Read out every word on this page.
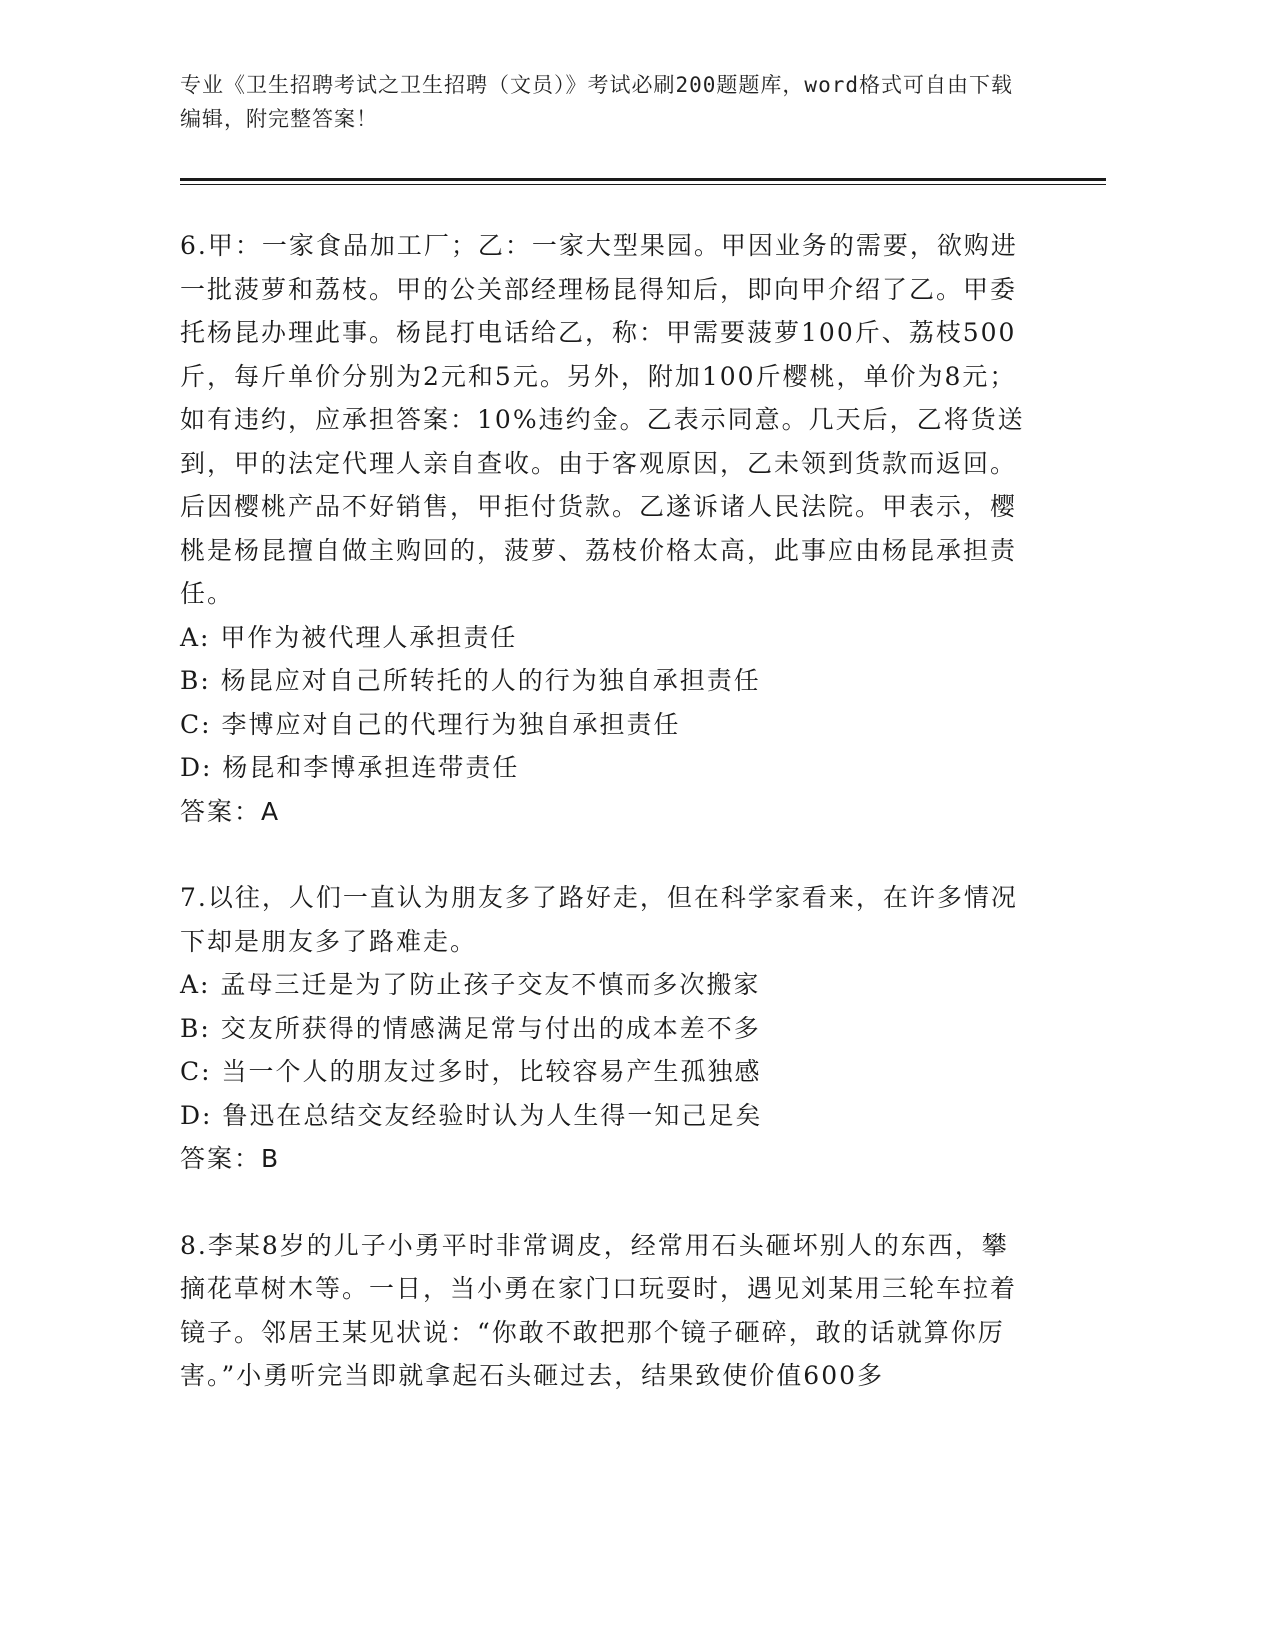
专业《卫生招聘考试之卫生招聘（文员）》考试必刷200题题库，word格式可自由下载编辑，附完整答案！

6.甲：一家食品加工厂；乙：一家大型果园。甲因业务的需要，欲购进一批菠萝和荔枝。甲的公关部经理杨昆得知后，即向甲介绍了乙。甲委托杨昆办理此事。杨昆打电话给乙，称：甲需要菠萝100斤、荔枝500斤，每斤单价分别为2元和5元。另外，附加100斤樱桃，单价为8元；如有违约，应承担答案：10%违约金。乙表示同意。几天后，乙将货送到，甲的法定代理人亲自查收。由于客观原因，乙未领到货款而返回。后因樱桃产品不好销售，甲拒付货款。乙遂诉诸人民法院。甲表示，樱桃是杨昆擅自做主购回的，菠萝、荔枝价格太高，此事应由杨昆承担责任。

A: 甲作为被代理人承担责任

B: 杨昆应对自己所转托的人的行为独自承担责任

C: 李博应对自己的代理行为独自承担责任

D: 杨昆和李博承担连带责任

答案：A

7.以往，人们一直认为朋友多了路好走，但在科学家看来，在许多情况下却是朋友多了路难走。

A: 孟母三迁是为了防止孩子交友不慎而多次搬家

B: 交友所获得的情感满足常与付出的成本差不多

C: 当一个人的朋友过多时，比较容易产生孤独感

D: 鲁迅在总结交友经验时认为人生得一知己足矣

答案：B

8.李某8岁的儿子小勇平时非常调皮，经常用石头砸坏别人的东西，攀摘花草树木等。一日，当小勇在家门口玩耍时，遇见刘某用三轮车拉着镜子。邻居王某见状说：“你敢不敢把那个镜子砸碎，敢的话就算你厉害。”小勇听完当即就拿起石头砸过去，结果致使价值600多
